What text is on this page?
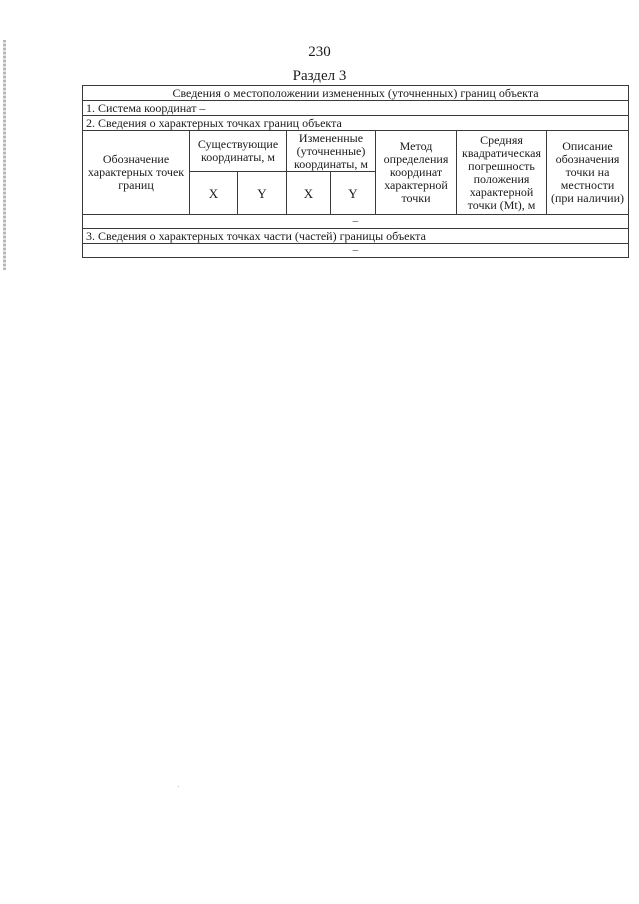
230
Раздел 3
Сведения о местоположении измененных (уточненных) границ объекта							
1. Система координат –							
2. Сведения о характерных точках границ объекта							
Обозначение характерных точек границ	Существующие координаты, м		Измененные (уточненные) координаты, м		Метод определения координат характерной точки	Средняя квадратическая погрешность положения характерной точки (Mt), м	Описание обозначения точки на местности (при наличии)
	X	Y	X	Y			
–							
3. Сведения о характерных точках части (частей) границы объекта							
–							
